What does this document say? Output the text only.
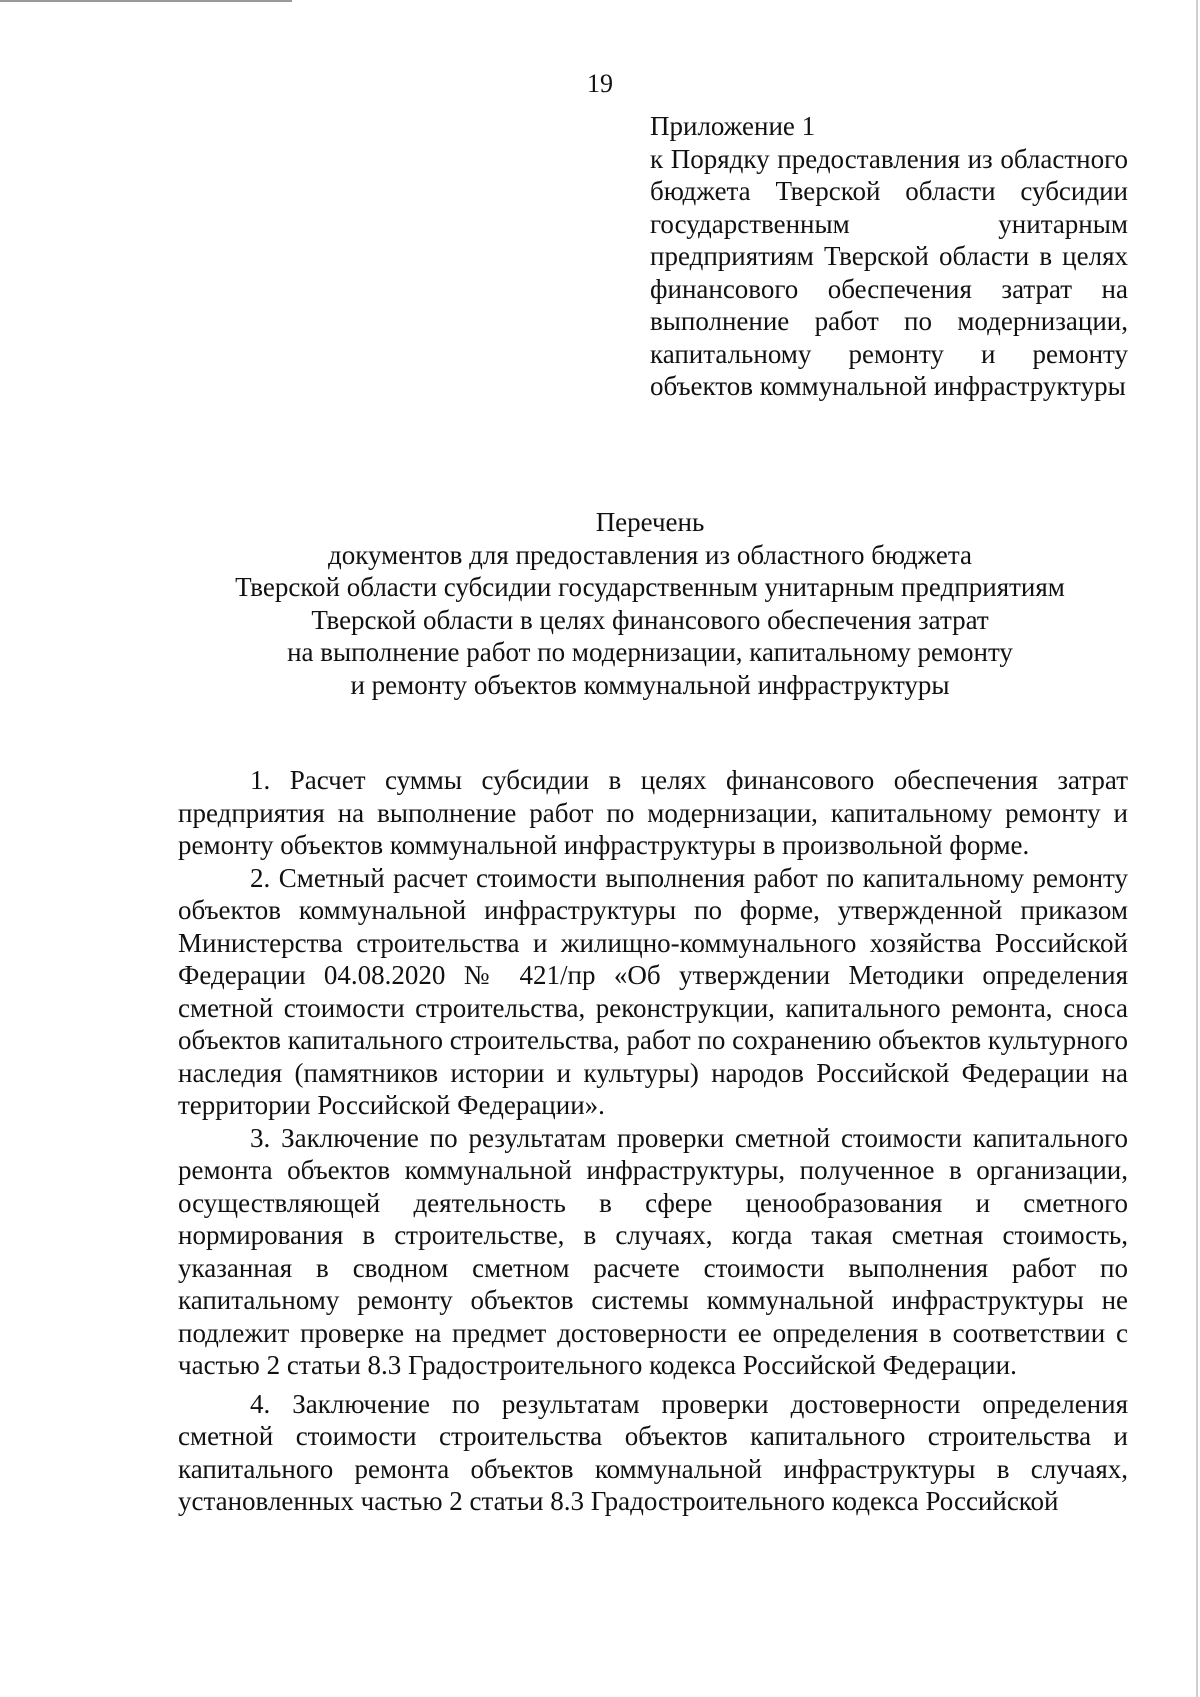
19
Приложение 1
к Порядку предоставления из областного бюджета Тверской области субсидии государственным унитарным предприятиям Тверской области в целях финансового обеспечения затрат на выполнение работ по модернизации, капитальному ремонту и ремонту объектов коммунальной инфраструктуры
Перечень
документов для предоставления из областного бюджета
Тверской области субсидии государственным унитарным предприятиям
Тверской области в целях финансового обеспечения затрат
на выполнение работ по модернизации, капитальному ремонту
и ремонту объектов коммунальной инфраструктуры

1. Расчет суммы субсидии в целях финансового обеспечения затрат предприятия на выполнение работ по модернизации, капитальному ремонту и ремонту объектов коммунальной инфраструктуры в произвольной форме.

2. Сметный расчет стоимости выполнения работ по капитальному ремонту объектов коммунальной инфраструктуры по форме, утвержденной приказом Министерства строительства и жилищно-коммунального хозяйства Российской Федерации 04.08.2020 № 421/пр «Об утверждении Методики определения сметной стоимости строительства, реконструкции, капитального ремонта, сноса объектов капитального строительства, работ по сохранению объектов культурного наследия (памятников истории и культуры) народов Российской Федерации на территории Российской Федерации».

3. Заключение по результатам проверки сметной стоимости капитального ремонта объектов коммунальной инфраструктуры, полученное в организации, осуществляющей деятельность в сфере ценообразования и сметного нормирования в строительстве, в случаях, когда такая сметная стоимость, указанная в сводном сметном расчете стоимости выполнения работ по капитальному ремонту объектов системы коммунальной инфраструктуры не подлежит проверке на предмет достоверности ее определения в соответствии с частью 2 статьи 8.3 Градостроительного кодекса Российской Федерации.

4. Заключение по результатам проверки достоверности определения сметной стоимости строительства объектов капитального строительства и капитального ремонта объектов коммунальной инфраструктуры в случаях, установленных частью 2 статьи 8.3 Градостроительного кодекса Российской
